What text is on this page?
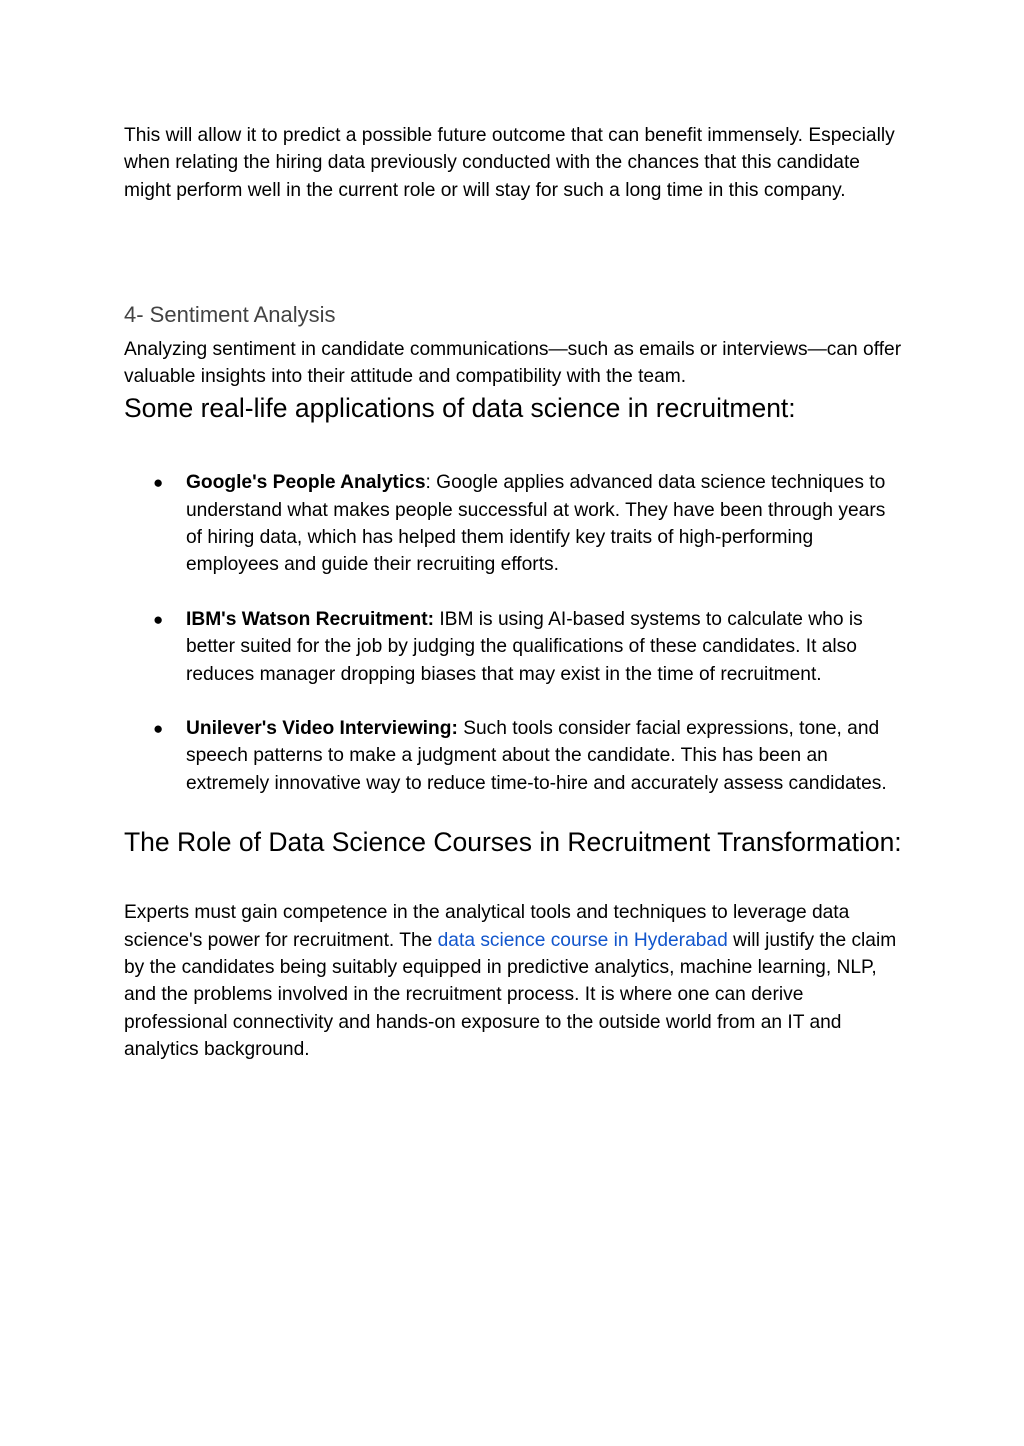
This will allow it to predict a possible future outcome that can benefit immensely. Especially when relating the hiring data previously conducted with the chances that this candidate might perform well in the current role or will stay for such a long time in this company.

4- Sentiment Analysis

Analyzing sentiment in candidate communications—such as emails or interviews—can offer valuable insights into their attitude and compatibility with the team.

Some real-life applications of data science in recruitment:
● Google's People Analytics: Google applies advanced data science techniques to understand what makes people successful at work. They have been through years of hiring data, which has helped them identify key traits of high-performing employees and guide their recruiting efforts.
● IBM's Watson Recruitment: IBM is using AI-based systems to calculate who is better suited for the job by judging the qualifications of these candidates. It also reduces manager dropping biases that may exist in the time of recruitment.
● Unilever's Video Interviewing: Such tools consider facial expressions, tone, and speech patterns to make a judgment about the candidate. This has been an extremely innovative way to reduce time-to-hire and accurately assess candidates.
The Role of Data Science Courses in Recruitment Transformation:

Experts must gain competence in the analytical tools and techniques to leverage data science's power for recruitment. The data science course in Hyderabad will justify the claim by the candidates being suitably equipped in predictive analytics, machine learning, NLP, and the problems involved in the recruitment process. It is where one can derive professional connectivity and hands-on exposure to the outside world from an IT and analytics background.
